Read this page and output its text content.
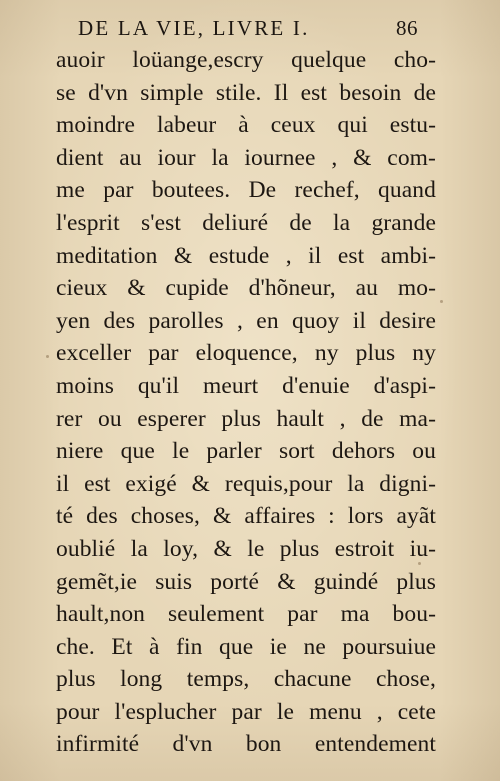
DE LA VIE, LIVRE I.	86
auoir loüange,escry quelque cho-
se d'vn simple stile. Il est besoin de
moindre labeur à ceux qui estu-
dient au iour la iournee , & com-
me par boutees. De rechef, quand
l'esprit s'est deliuré de la grande
meditation & estude , il est ambi-
cieux & cupide d'hõneur, au mo-
yen des parolles , en quoy il desire
exceller par eloquence, ny plus ny
moins qu'il meurt d'enuie d'aspi-
rer ou esperer plus hault , de ma-
niere que le parler sort dehors ou
il est exigé & requis,pour la digni-
té des choses, & affaires : lors ayãt
oublié la loy, & le plus estroit iu-
gemẽt,ie suis porté & guindé plus
hault,non seulement par ma bou-
che. Et à fin que ie ne poursuiue
plus long temps, chacune chose,
pour l'esplucher par le menu , cete
infirmité d'vn bon entendement
